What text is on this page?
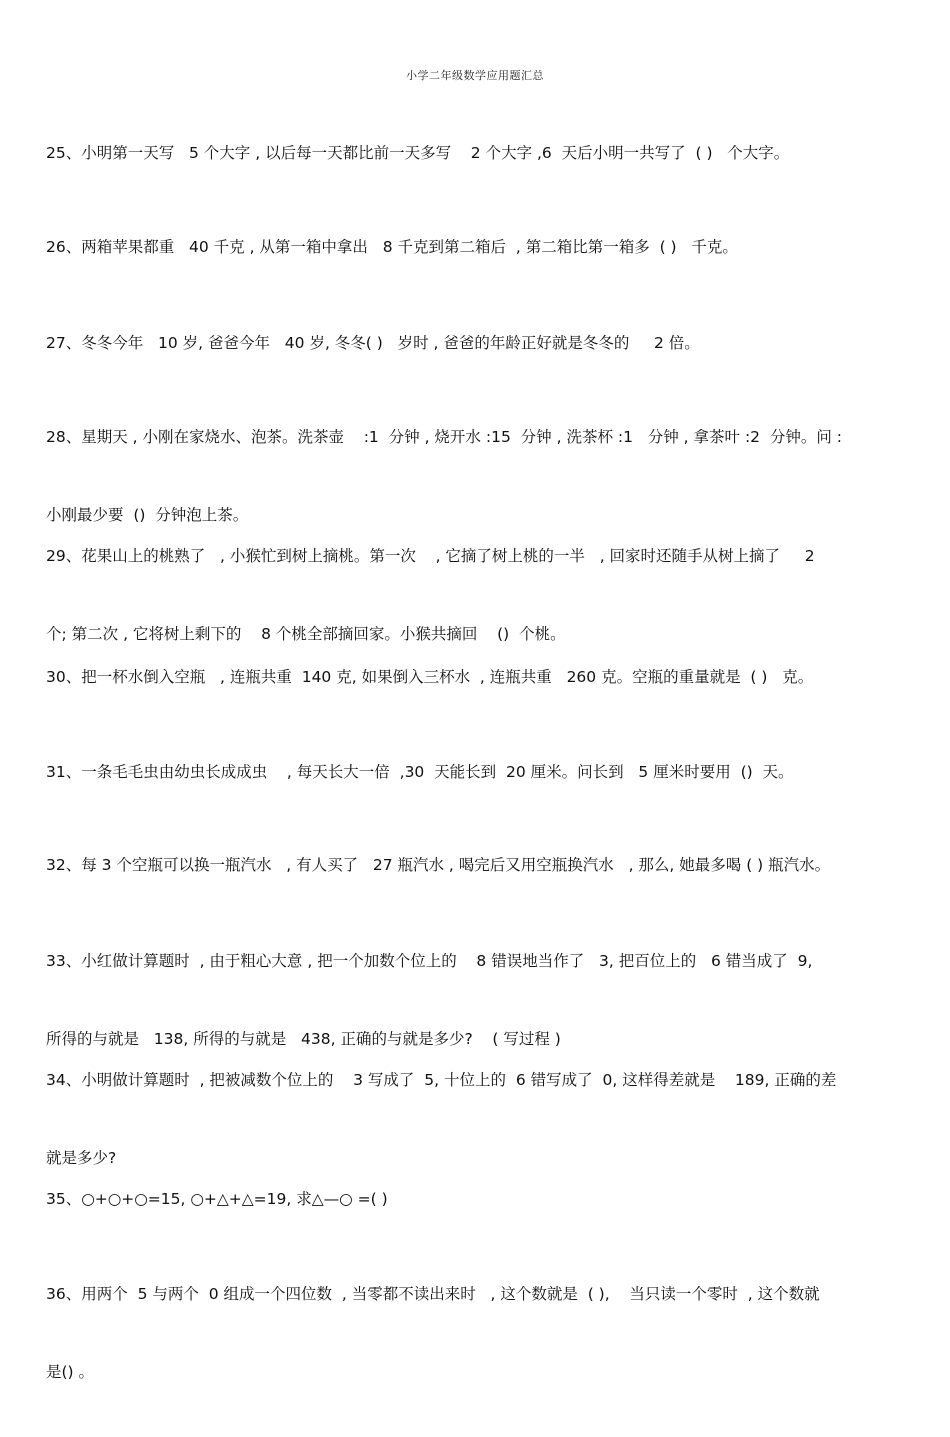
小学二年级数学应用题汇总

25、小明第一天写   5 个大字 , 以后每一天都比前一天多写    2 个大字 ,6  天后小明一共写了  ( )   个大字。

26、两箱苹果都重   40 千克 , 从第一箱中拿出   8 千克到第二箱后  , 第二箱比第一箱多  ( )   千克。

27、冬冬今年   10 岁, 爸爸今年   40 岁, 冬冬( )   岁时 , 爸爸的年龄正好就是冬冬的     2 倍。

28、星期天 , 小刚在家烧水、泡茶。洗茶壶    :1  分钟 , 烧开水 :15  分钟 , 洗茶杯 :1   分钟 , 拿茶叶 :2  分钟。问 :

小刚最少要  ()  分钟泡上茶。

29、花果山上的桃熟了   , 小猴忙到树上摘桃。第一次    , 它摘了树上桃的一半   , 回家时还随手从树上摘了     2

个; 第二次 , 它将树上剩下的    8 个桃全部摘回家。小猴共摘回    ()  个桃。

30、把一杯水倒入空瓶   , 连瓶共重  140 克, 如果倒入三杯水  , 连瓶共重   260 克。空瓶的重量就是  ( )   克。

31、一条毛毛虫由幼虫长成成虫    , 每天长大一倍  ,30  天能长到  20 厘米。问长到   5 厘米时要用  ()  天。

32、每 3 个空瓶可以换一瓶汽水   , 有人买了   27 瓶汽水 , 喝完后又用空瓶换汽水   , 那么, 她最多喝 ( ) 瓶汽水。

33、小红做计算题时  , 由于粗心大意 , 把一个加数个位上的    8 错误地当作了   3, 把百位上的   6 错当成了  9,

所得的与就是   138, 所得的与就是   438, 正确的与就是多少?    ( 写过程 )

34、小明做计算题时  , 把被减数个位上的    3 写成了  5, 十位上的  6 错写成了  0, 这样得差就是    189, 正确的差

就是多少?

35、○+○+○=15, ○+△+△=19, 求△—○ =( )

36、用两个  5 与两个  0 组成一个四位数  , 当零都不读出来时   , 这个数就是  ( ),    当只读一个零时  , 这个数就

是() 。
